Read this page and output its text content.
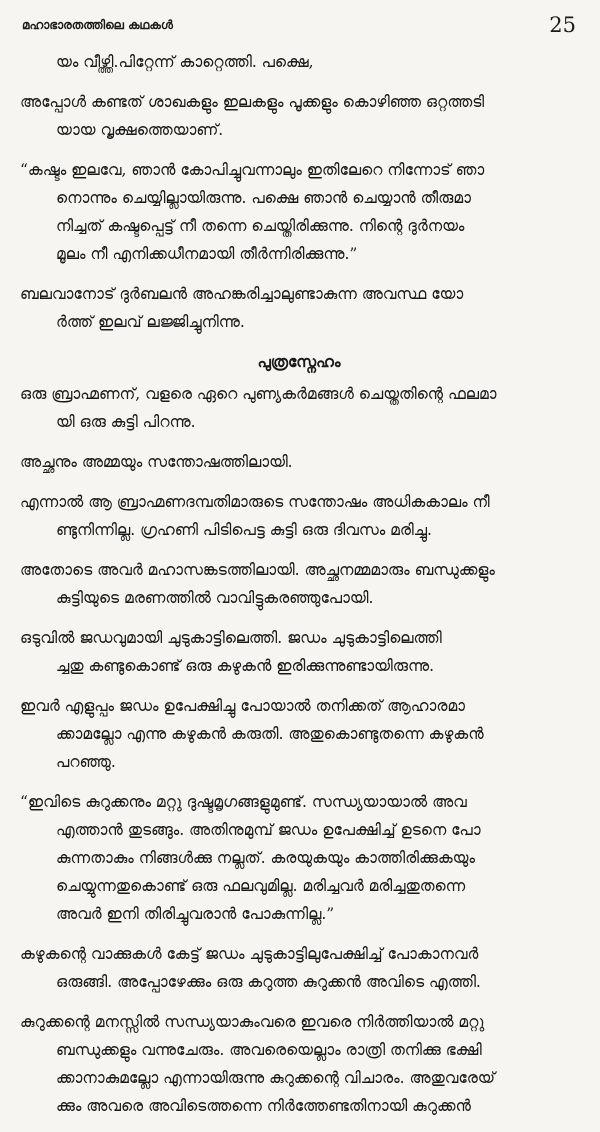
മഹാഭാരതത്തിലെ കഥകൾ	25
യം വീഴ്ത്തി.പിറ്റേന്ന് കാറ്റെത്തി. പക്ഷെ,
അപ്പോൾ കണ്ടത് ശാഖകളും ഇലകളും പൂക്കളും കൊഴിഞ്ഞ ഒറ്റത്തടി
യായ വൃക്ഷത്തെയാണ്.
“കഷ്ടം ഇലവേ, ഞാൻ കോപിച്ചുവന്നാലും ഇതിലേറെ നിന്നോട് ഞാ
നൊന്നും ചെയ്യില്ലായിരുന്നു. പക്ഷെ ഞാൻ ചെയ്യാൻ തീരുമാ
നിച്ചത് കഷ്ടപ്പെട്ട് നീ തന്നെ ചെയ്തിരിക്കുന്നു. നിന്റെ ദുർനയം
മൂലം നീ എനിക്കധീനമായി തീർന്നിരിക്കുന്നു.”
ബലവാനോട് ദുർബലൻ അഹങ്കരിച്ചാലുണ്ടാകുന്ന അവസ്ഥ യോ
ർത്ത് ഇലവ് ലജ്ജിച്ചുനിന്നു.
പുത്രസ്നേഹം
ഒരു ബ്രാഹ്മണന്, വളരെ ഏറെ പുണ്യകർമങ്ങൾ ചെയ്തതിന്റെ ഫലമാ
യി ഒരു കുട്ടി പിറന്നു.
അച്ഛനും അമ്മയും സന്തോഷത്തിലായി.
എന്നാൽ ആ ബ്രാഹ്മണദമ്പതിമാരുടെ സന്തോഷം അധികകാലം നീ
ണ്ടുനിന്നില്ല. ഗ്രഹണി പിടിപെട്ട കുട്ടി ഒരു ദിവസം മരിച്ചു.
അതോടെ അവർ മഹാസങ്കടത്തിലായി. അച്ഛനമ്മമാരും ബന്ധുക്കളും
കുട്ടിയുടെ മരണത്തിൽ വാവിട്ടുകരഞ്ഞുപോയി.
ഒടുവിൽ ജഡവുമായി ചുടുകാട്ടിലെത്തി. ജഡം ചുടുകാട്ടിലെത്തി
ച്ചതു കണ്ടുകൊണ്ട് ഒരു കഴുകൻ ഇരിക്കുന്നുണ്ടായിരുന്നു.
ഇവർ എളുപ്പം ജഡം ഉപേക്ഷിച്ചു പോയാൽ തനിക്കത് ആഹാരമാ
ക്കാമല്ലോ എന്നു കഴുകൻ കരുതി. അതുകൊണ്ടുതന്നെ കഴുകൻ
പറഞ്ഞു.
“ഇവിടെ കുറുക്കനും മറ്റു ദുഷ്ടമൃഗങ്ങളുമുണ്ട്. സന്ധ്യയായാൽ അവ
എത്താൻ തുടങ്ങും. അതിനുമുമ്പ് ജഡം ഉപേക്ഷിച്ച് ഉടനെ പോ
കുന്നതാകും നിങ്ങൾക്കു നല്ലത്. കരയുകയും കാത്തിരിക്കുകയും
ചെയ്യുന്നതുകൊണ്ട് ഒരു ഫലവുമില്ല. മരിച്ചവർ മരിച്ചതുതന്നെ
അവർ ഇനി തിരിച്ചുവരാൻ പോകുന്നില്ല.”
കഴുകന്റെ വാക്കുകൾ കേട്ട് ജഡം ചുടുകാട്ടിലുപേക്ഷിച്ച് പോകാനവർ
ഒരുങ്ങി. അപ്പോഴേക്കും ഒരു കറുത്ത കുറുക്കൻ അവിടെ എത്തി.
കുറുക്കന്റെ മനസ്സിൽ സന്ധ്യയാകുംവരെ ഇവരെ നിർത്തിയാൽ മറ്റു
ബന്ധുക്കളും വന്നുചേരും. അവരെയെല്ലാം രാത്രി തനിക്കു ഭക്ഷി
ക്കാനാകുമല്ലോ എന്നായിരുന്നു കുറുക്കന്റെ വിചാരം. അതുവരേയ്
ക്കും അവരെ അവിടെത്തന്നെ നിർത്തേണ്ടതിനായി കുറുക്കൻ
